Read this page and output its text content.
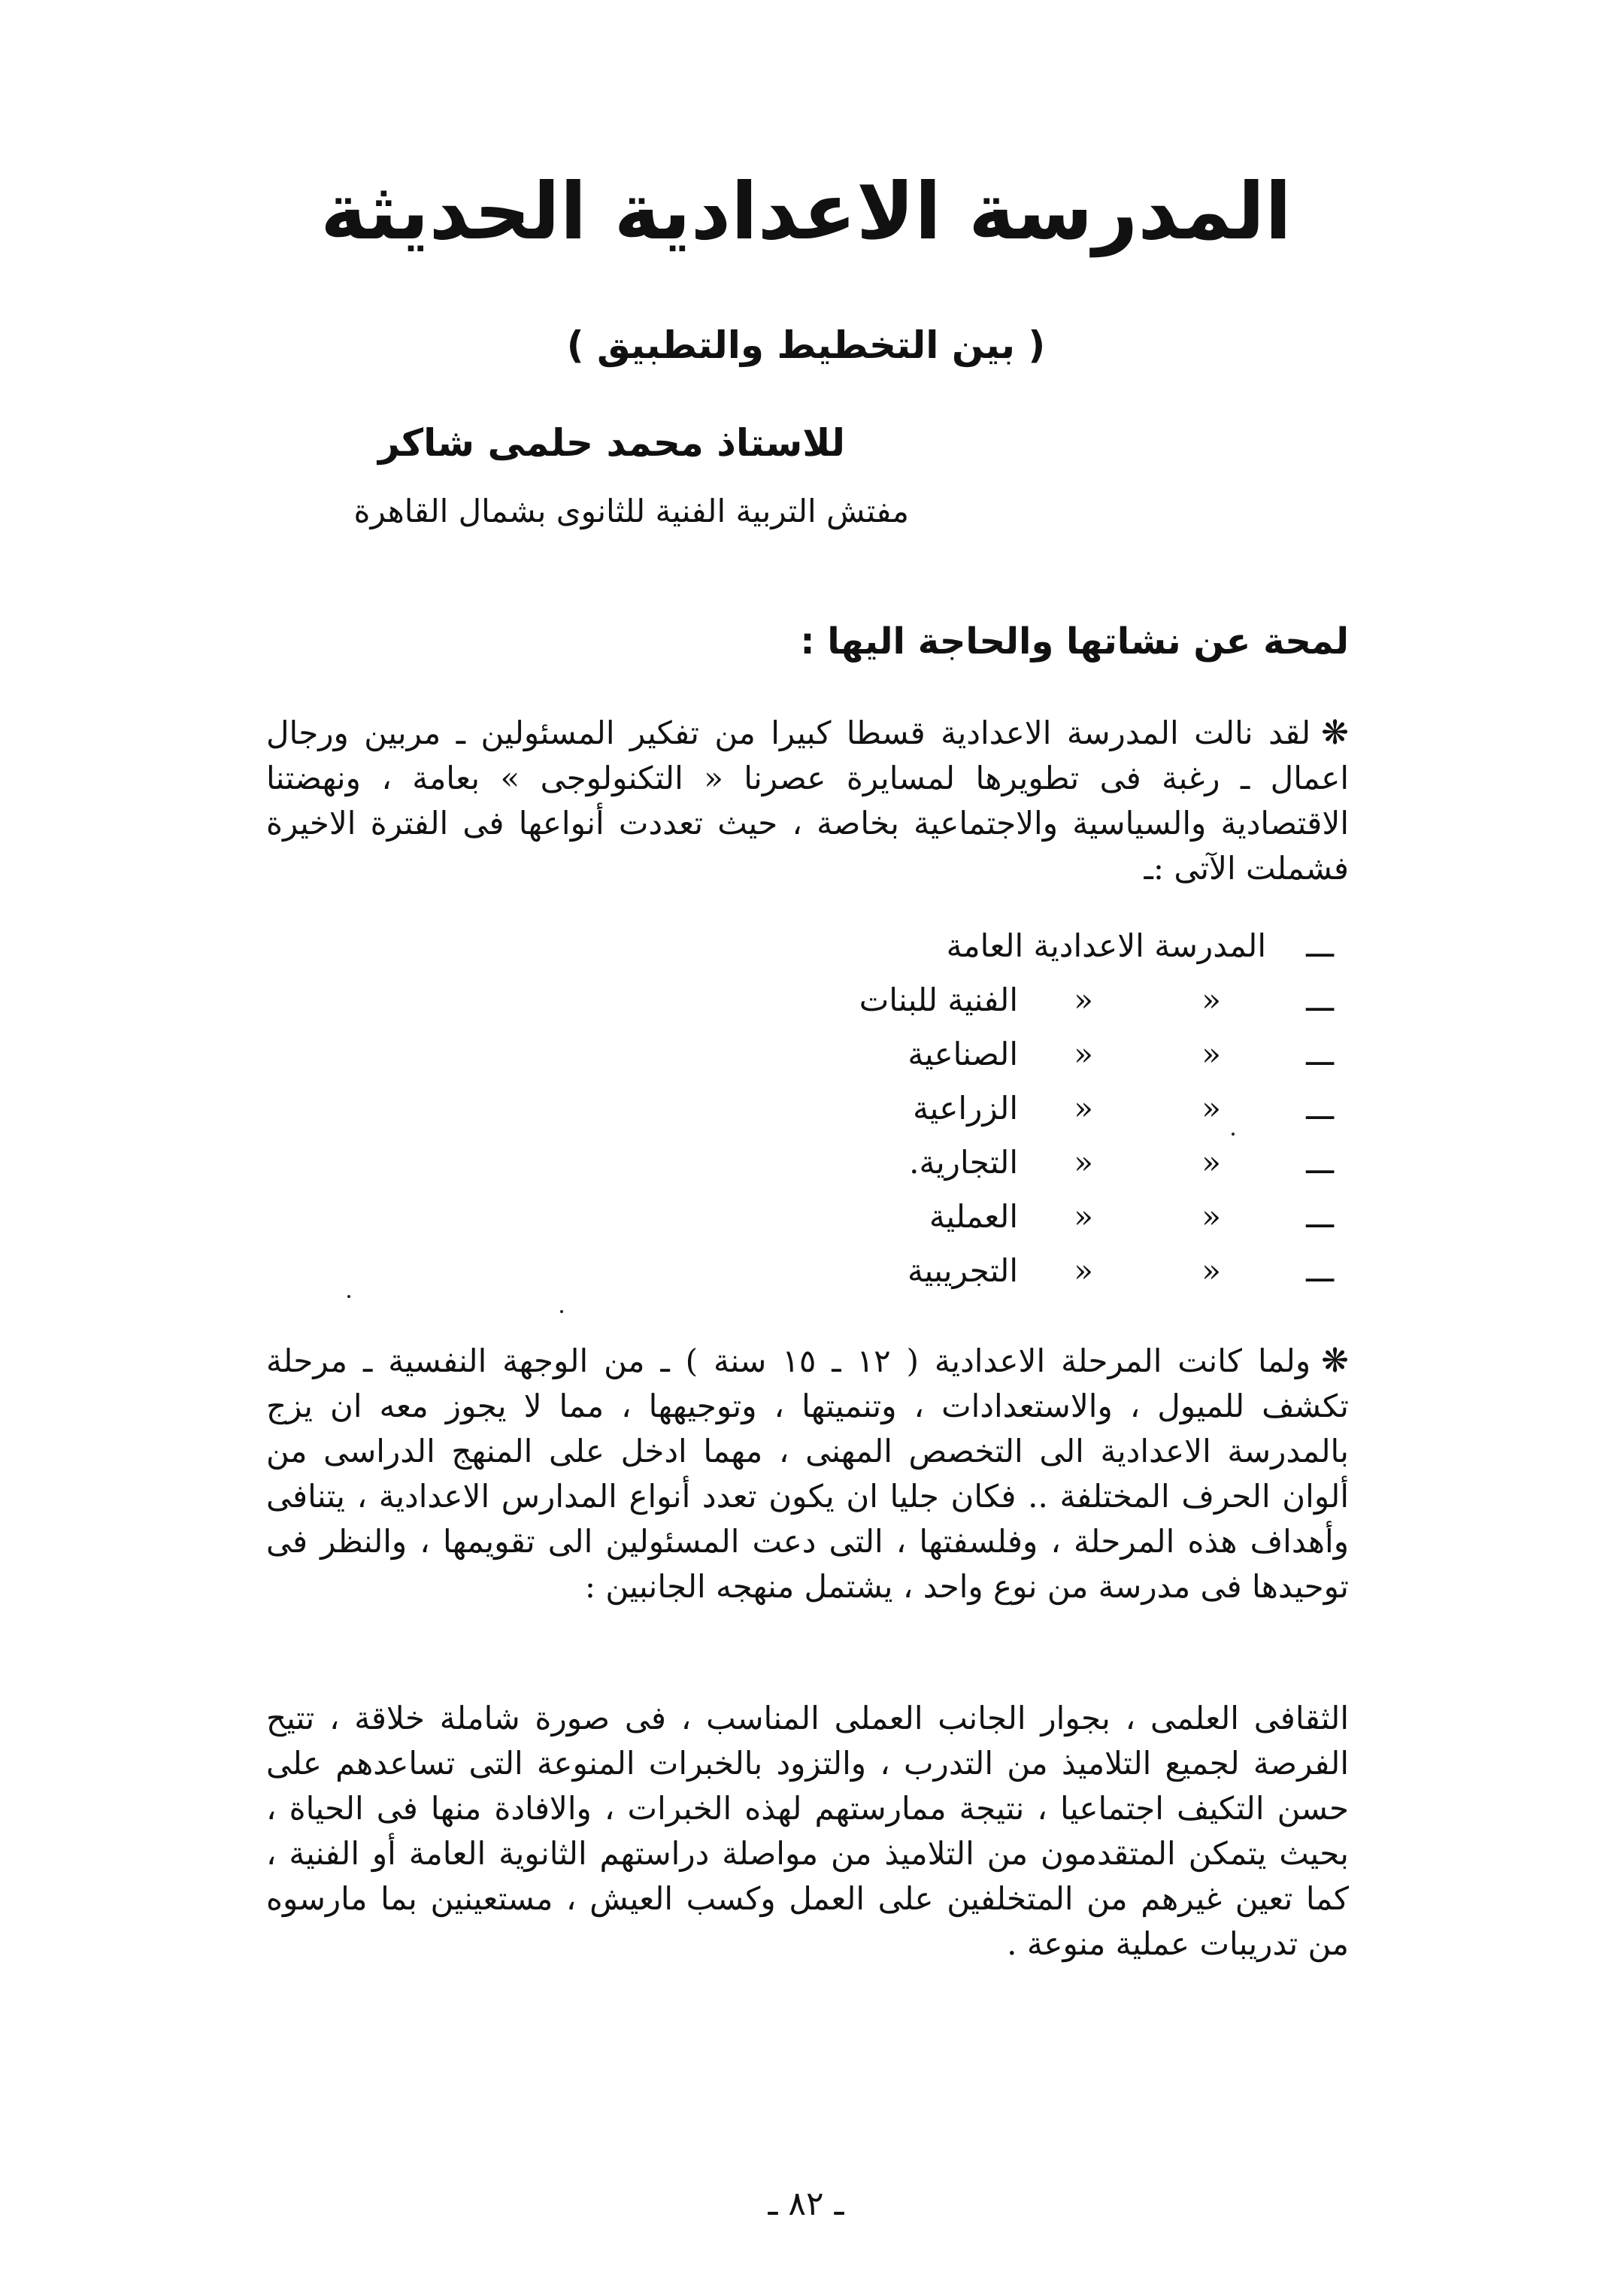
المدرسة الاعدادية الحديثة
( بين التخطيط والتطبيق )
للاستاذ محمد حلمى شاكر
مفتش التربية الفنية للثانوى بشمال القاهرة
لمحة عن نشاتها والحاجة اليها :
❋لقد نالت المدرسة الاعدادية قسطا كبيرا من تفكير المسئولين ـ مربين ورجال اعمال ـ رغبة فى تطويرها لمسايرة عصرنا « التكنولوجى » بعامة ، ونهضتنا الاقتصادية والسياسية والاجتماعية بخاصة ، حيث تعددت أنواعها فى الفترة الاخيرة فشملت الآتى :ـ
ـــ
المدرسة الاعدادية العامة
ـــ
«
«
الفنية للبنات
ـــ
«
«
الصناعية
ـــ
«
«
الزراعية
ـــ
«
«
التجارية.
ـــ
«
«
العملية
ـــ
«
«
التجريبية
❋ولما كانت المرحلة الاعدادية ( ١٢ ـ ١٥ سنة ) ـ من الوجهة النفسية ـ مرحلة تكشف للميول ، والاستعدادات ، وتنميتها ، وتوجيهها ، مما لا يجوز معه ان يزج بالمدرسة الاعدادية الى التخصص المهنى ، مهما ادخل على المنهج الدراسى من ألوان الحرف المختلفة .. فكان جليا ان يكون تعدد أنواع المدارس الاعدادية ، يتنافى وأهداف هذه المرحلة ، وفلسفتها ، التى دعت المسئولين الى تقويمها ، والنظر فى توحيدها فى مدرسة من نوع واحد ، يشتمل منهجه الجانبين :
الثقافى العلمى ، بجوار الجانب العملى المناسب ، فى صورة شاملة خلاقة ، تتيح الفرصة لجميع التلاميذ من التدرب ، والتزود بالخبرات المنوعة التى تساعدهم على حسن التكيف اجتماعيا ، نتيجة ممارستهم لهذه الخبرات ، والافادة منها فى الحياة ، بحيث يتمكن المتقدمون من التلاميذ من مواصلة دراستهم الثانوية العامة أو الفنية ، كما تعين غيرهم من المتخلفين على العمل وكسب العيش ، مستعينين بما مارسوه من تدريبات عملية منوعة .
ـ ٨٢ ـ
